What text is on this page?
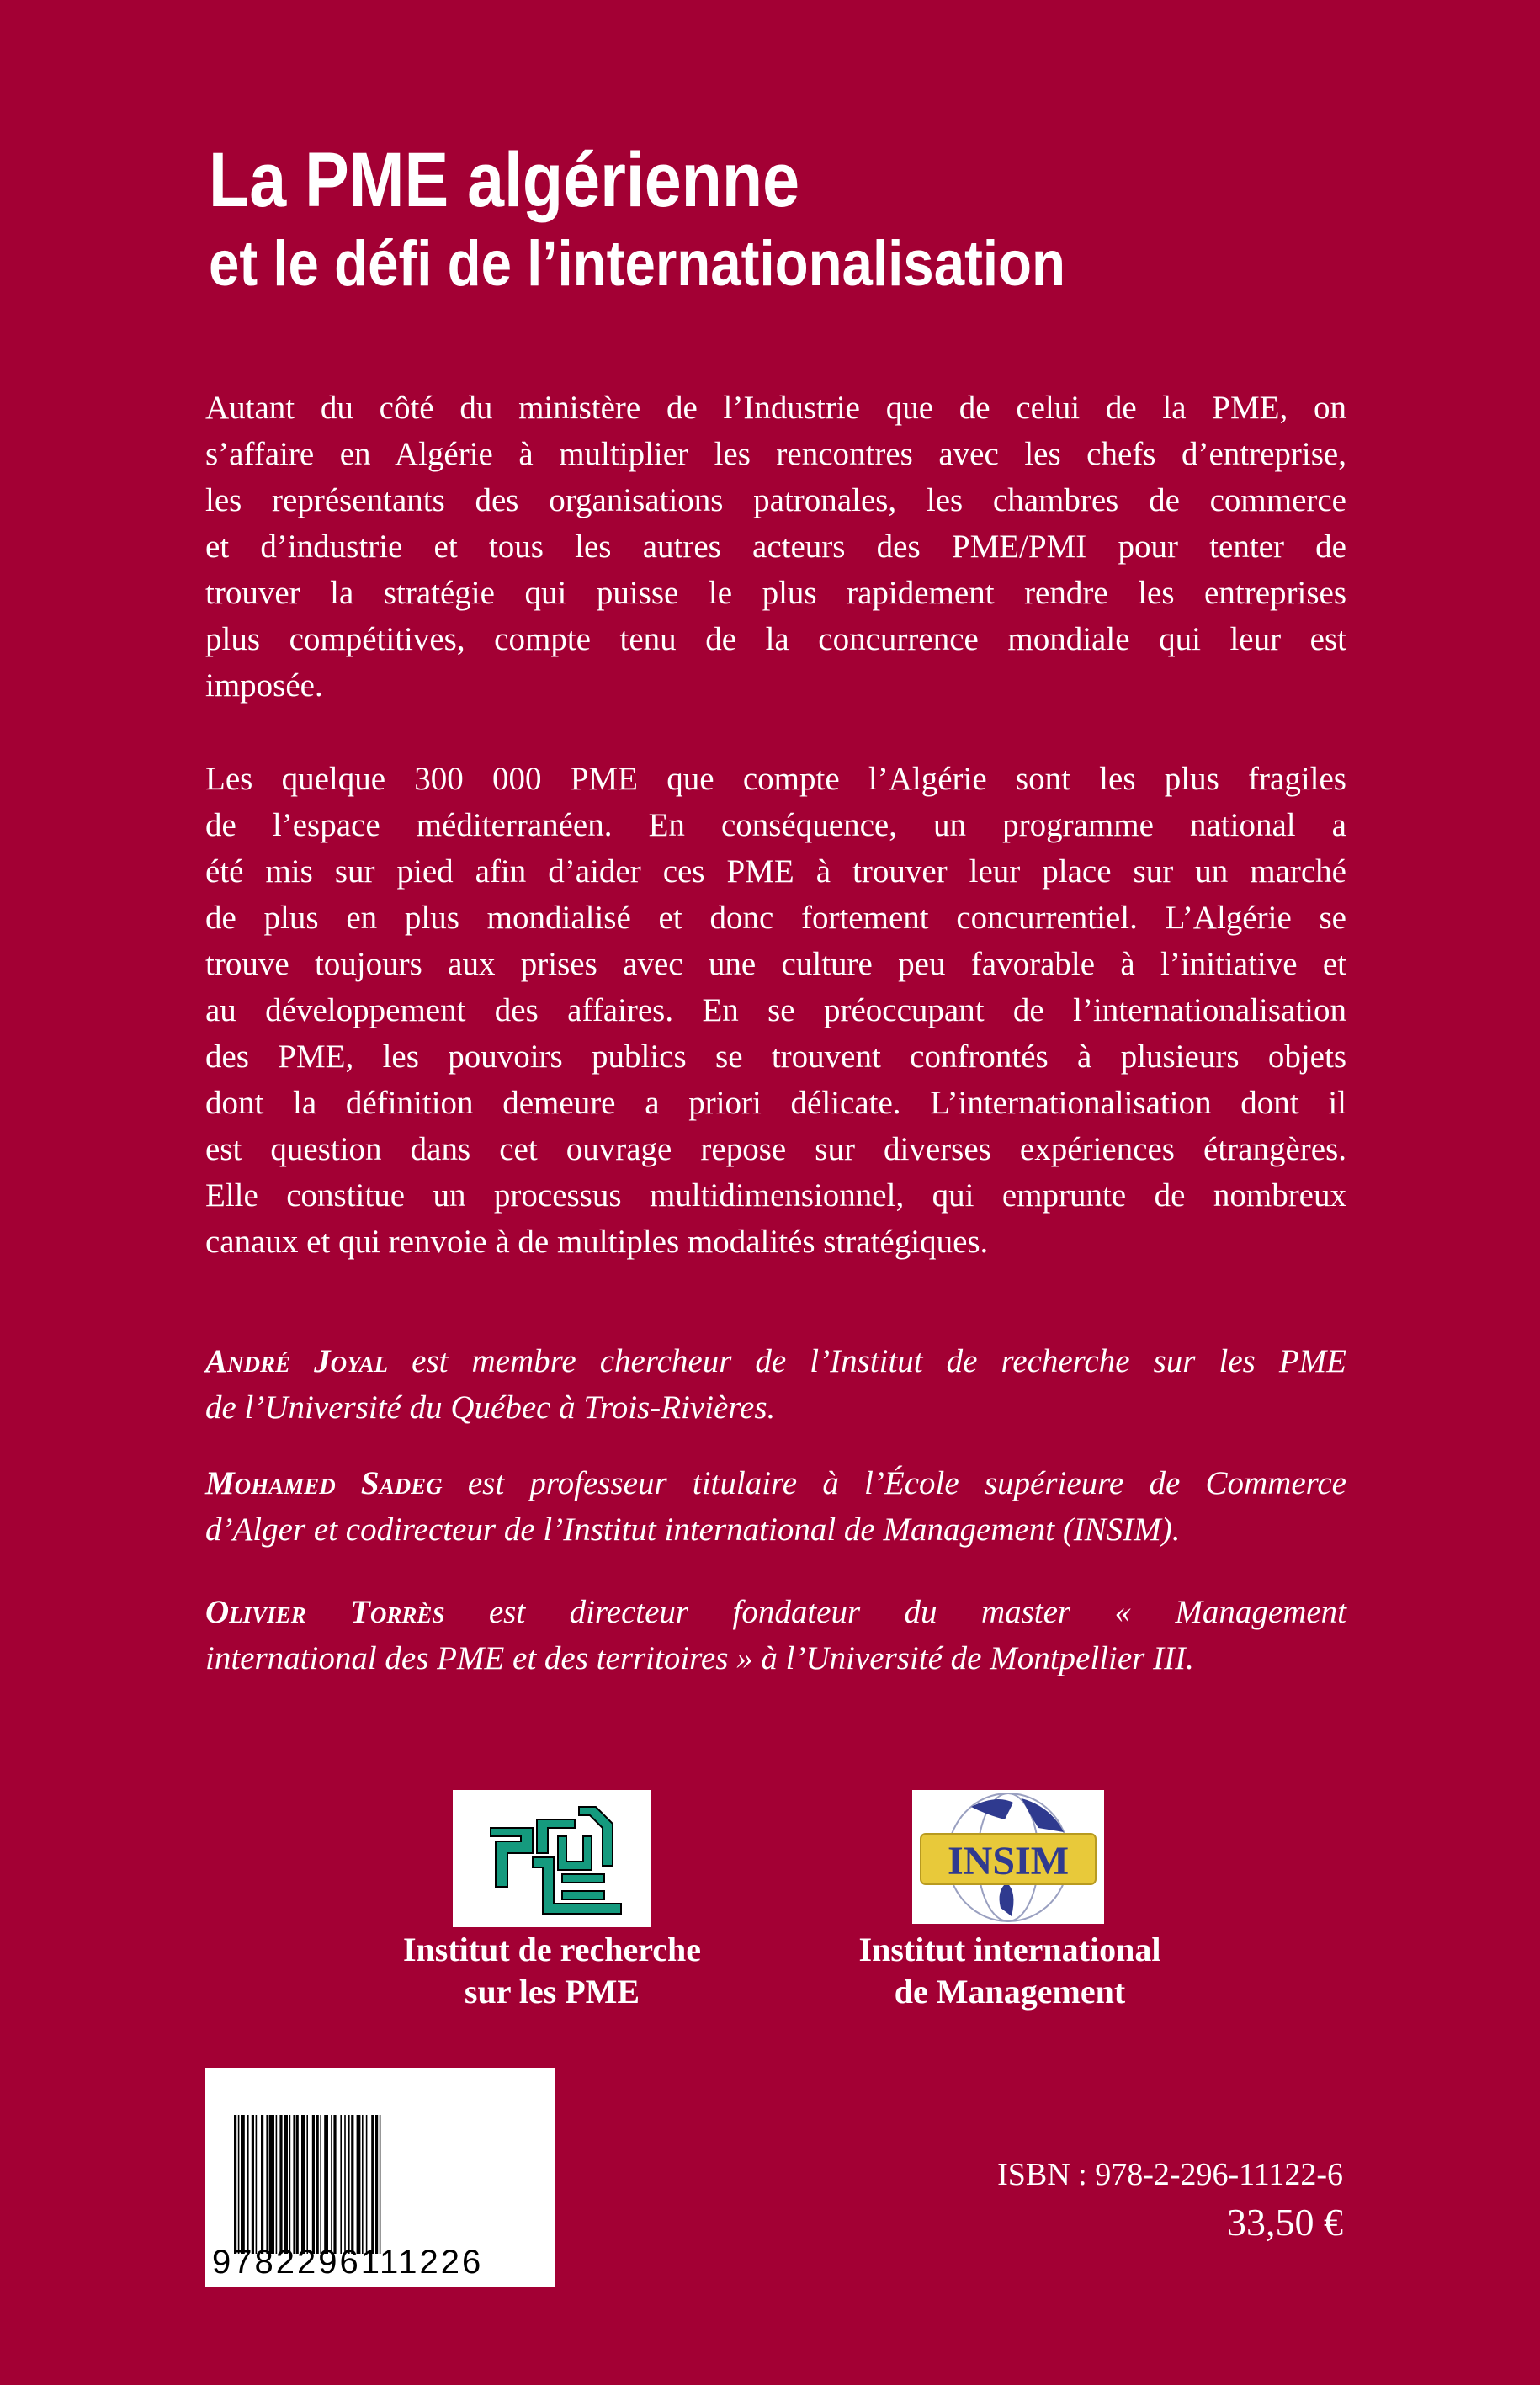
La PME algérienne
et le défi de l’internationalisation
Autant du côté du ministère de l’Industrie que de celui de la PME, on
s’affaire en Algérie à multiplier les rencontres avec les chefs d’entreprise,
les représentants des organisations patronales, les chambres de commerce
et d’industrie et tous les autres acteurs des PME/PMI pour tenter de
trouver la stratégie qui puisse le plus rapidement rendre les entreprises
plus compétitives, compte tenu de la concurrence mondiale qui leur est
imposée.
Les quelque 300 000 PME que compte l’Algérie sont les plus fragiles
de l’espace méditerranéen. En conséquence, un programme national a
été mis sur pied afin d’aider ces PME à trouver leur place sur un marché
de plus en plus mondialisé et donc fortement concurrentiel. L’Algérie se
trouve toujours aux prises avec une culture peu favorable à l’initiative et
au développement des affaires. En se préoccupant de l’internationalisation
des PME, les pouvoirs publics se trouvent confrontés à plusieurs objets
dont la définition demeure a priori délicate. L’internationalisation dont il
est question dans cet ouvrage repose sur diverses expériences étrangères.
Elle constitue un processus multidimensionnel, qui emprunte de nombreux
canaux et qui renvoie à de multiples modalités stratégiques.
André Joyal est membre chercheur de l’Institut de recherche sur les PME
de l’Université du Québec à Trois-Rivières.
Mohamed Sadeg est professeur titulaire à l’École supérieure de Commerce
d’Alger et codirecteur de l’Institut international de Management (INSIM).
Olivier Torrès est directeur fondateur du master « Management
international des PME et des territoires » à l’Université de Montpellier III.
INSIM
Institut de recherche
sur les PME
Institut international
de Management
9782296111226
ISBN : 978-2-296-11122-6
33,50 €
